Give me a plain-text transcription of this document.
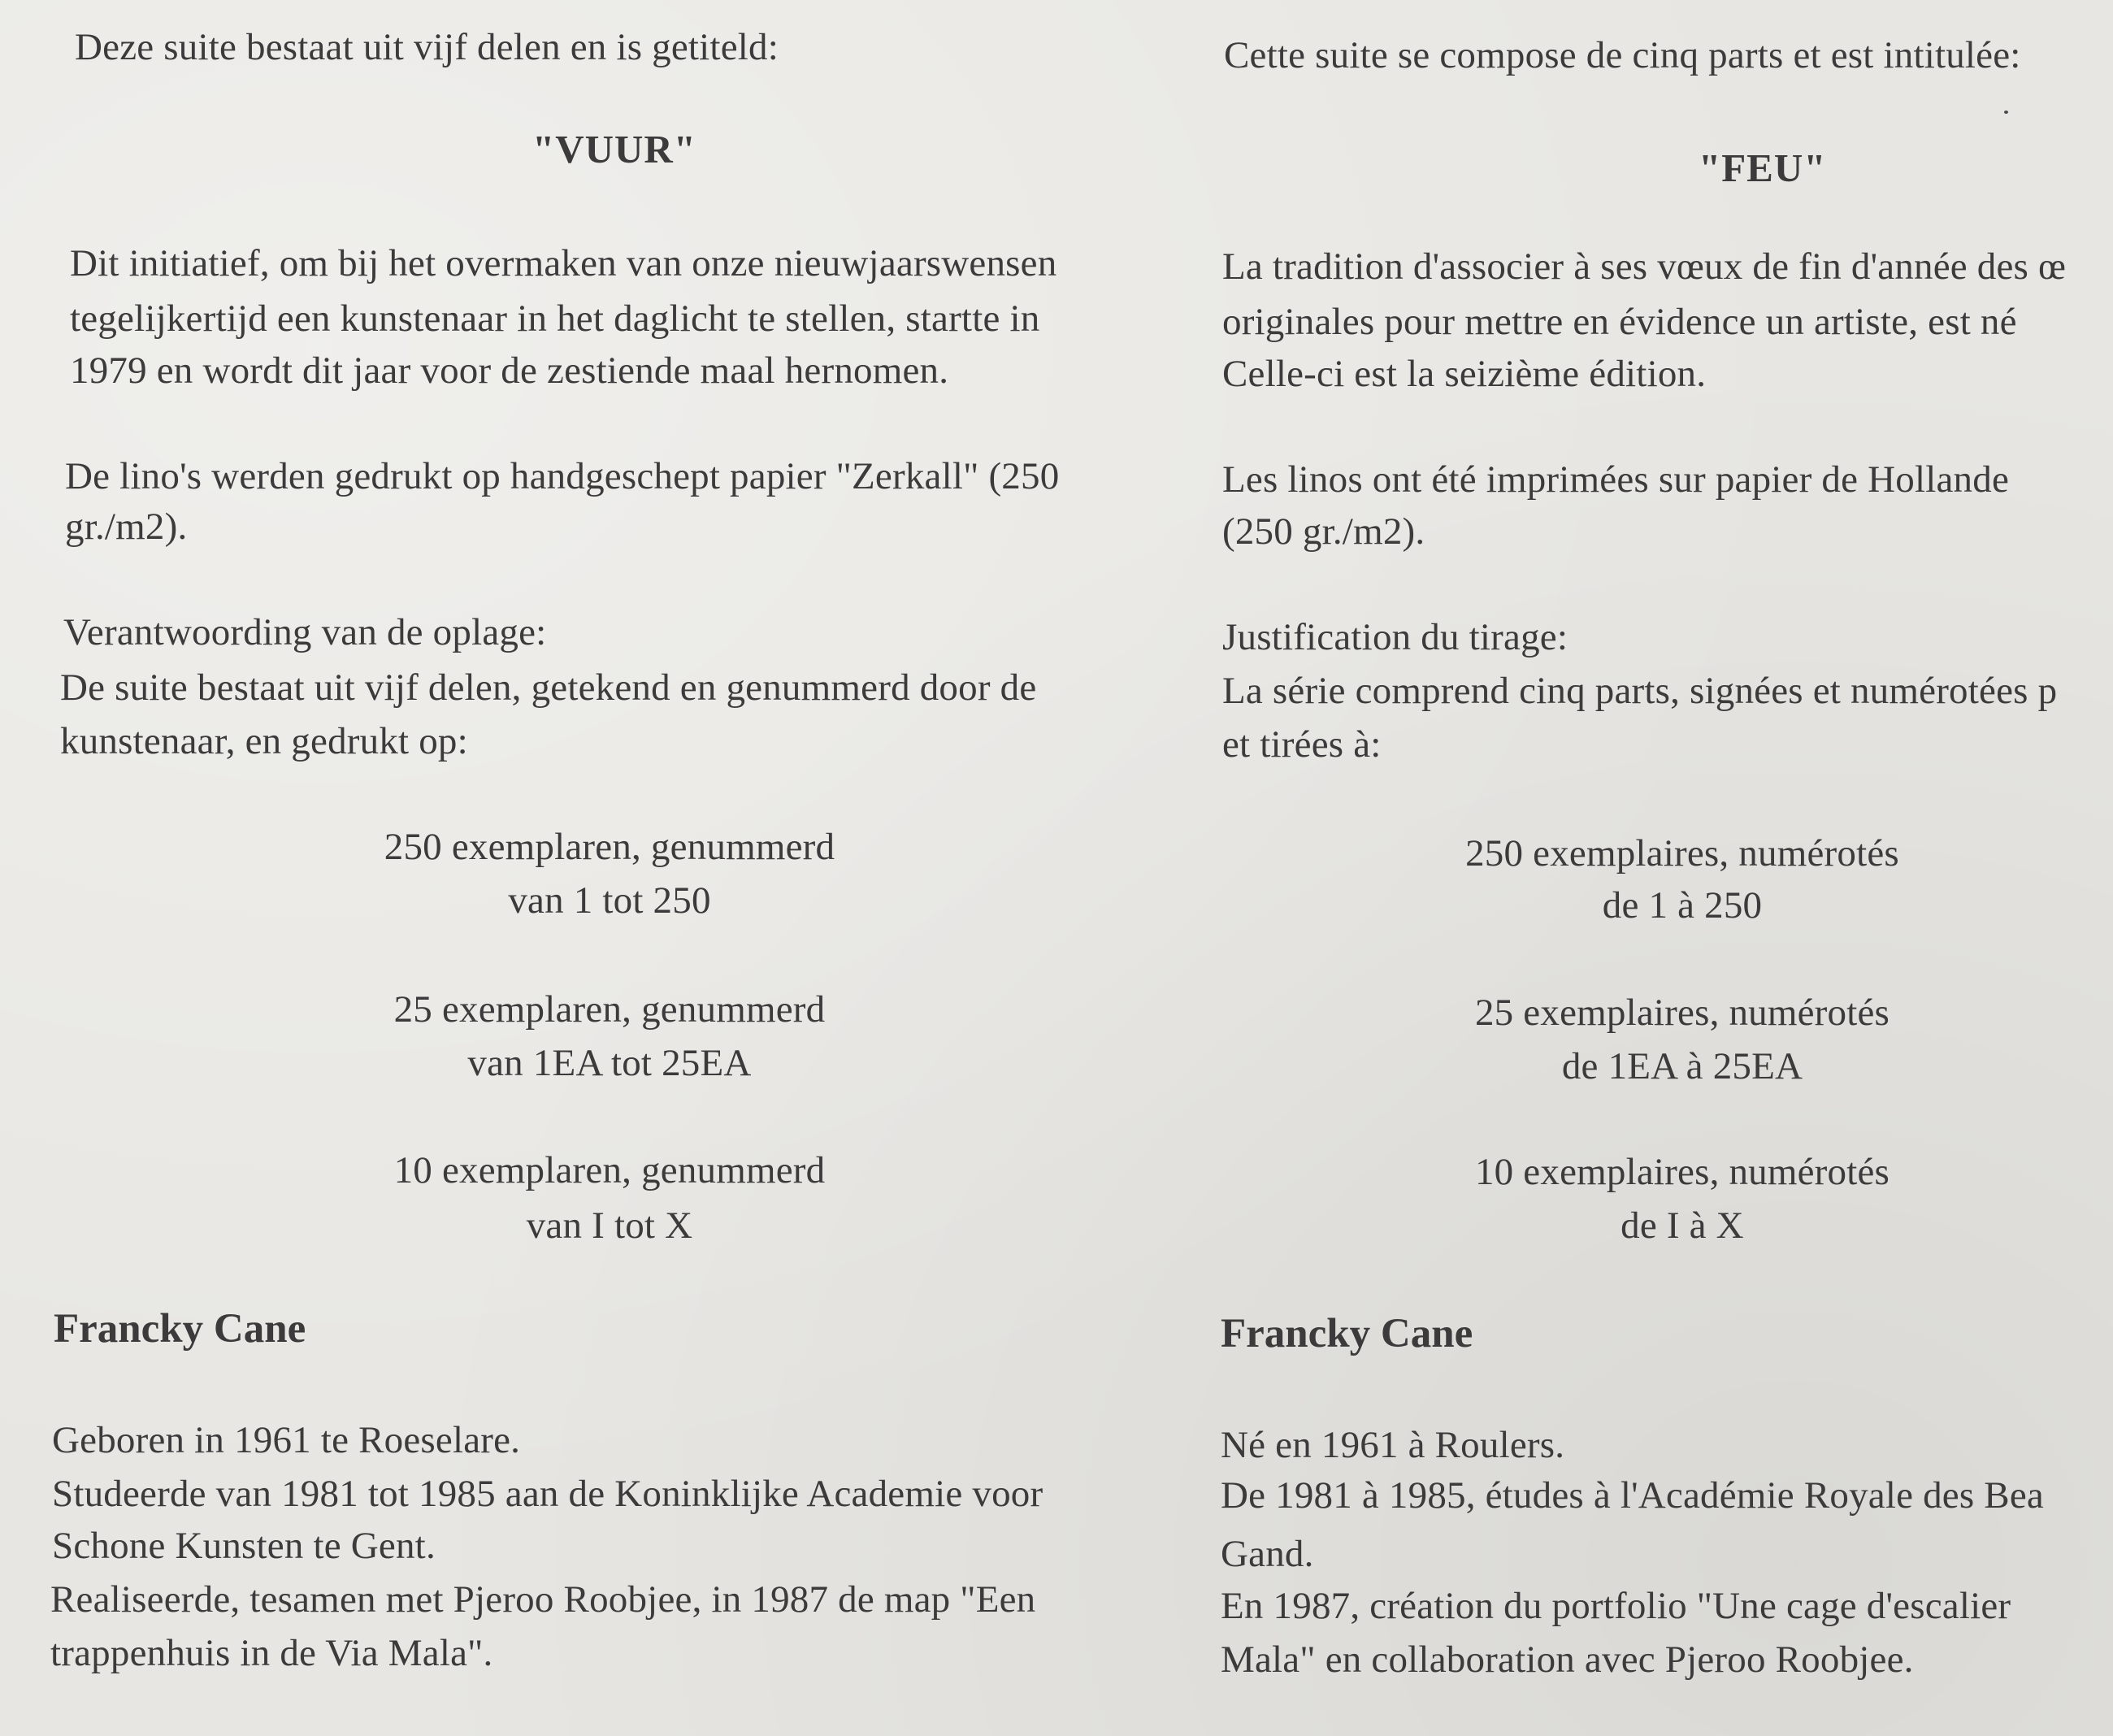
Deze suite bestaat uit vijf delen en is getiteld:
"VUUR"
Dit initiatief, om bij het overmaken van onze nieuwjaarswensen
tegelijkertijd een kunstenaar in het daglicht te stellen, startte in
1979 en wordt dit jaar voor de zestiende maal hernomen.
De lino's werden gedrukt op handgeschept papier "Zerkall" (250
gr./m2).
Verantwoording van de oplage:
De suite bestaat uit vijf delen, getekend en genummerd door de
kunstenaar, en gedrukt op:
250 exemplaren, genummerd
van 1 tot 250
25 exemplaren, genummerd
van 1EA tot 25EA
10 exemplaren, genummerd
van I tot X
Francky Cane
Geboren in 1961 te Roeselare.
Studeerde van 1981 tot 1985 aan de Koninklijke Academie voor
Schone Kunsten te Gent.
Realiseerde, tesamen met Pjeroo Roobjee, in 1987 de map "Een
trappenhuis in de Via Mala".
Cette suite se compose de cinq parts et est intitulée:
"FEU"
La tradition d'associer à ses vœux de fin d'année des œ
originales pour mettre en évidence un artiste, est né
Celle-ci est la seizième édition.
Les linos ont été imprimées sur papier de Hollande
(250 gr./m2).
Justification du tirage:
La série comprend cinq parts, signées et numérotées p
et tirées à:
250 exemplaires, numérotés
de 1 à 250
25 exemplaires, numérotés
de 1EA à 25EA
10 exemplaires, numérotés
de I à X
Francky Cane
Né en 1961 à Roulers.
De 1981 à 1985, études à l'Académie Royale des Bea
Gand.
En 1987, création du portfolio "Une cage d'escalier
Mala" en collaboration avec Pjeroo Roobjee.
